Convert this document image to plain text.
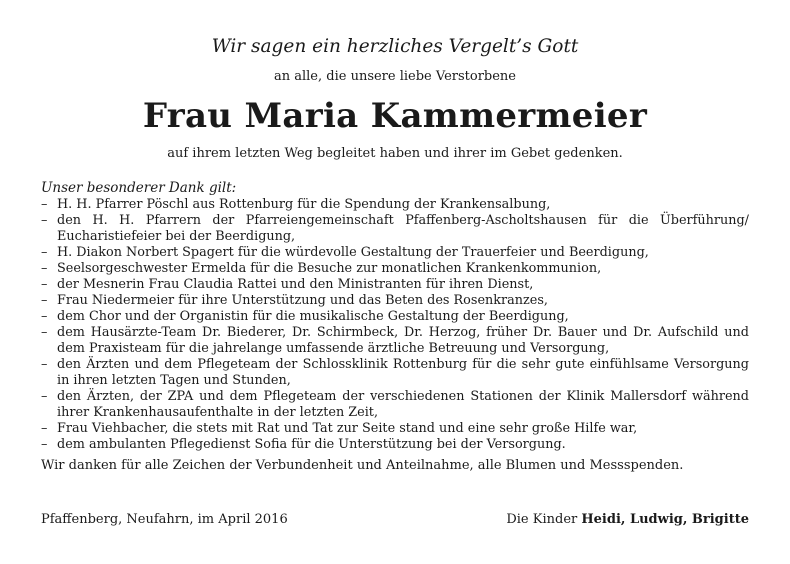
Wir sagen ein herzliches Vergelt’s Gott

an alle, die unsere liebe Verstorbene

Frau Maria Kammermeier

auf ihrem letzten Weg begleitet haben und ihrer im Gebet gedenken.

Unser besonderer Dank gilt:

– H. H. Pfarrer Pöschl aus Rottenburg für die Spendung der Krankensalbung,
– den H. H. Pfarrern der Pfarreiengemeinschaft Pfaffenberg-Ascholtshausen für die Überführung/ Eucharistiefeier bei der Beerdigung,
– H. Diakon Norbert Spagert für die würdevolle Gestaltung der Trauerfeier und Beerdigung,
– Seelsorgeschwester Ermelda für die Besuche zur monatlichen Krankenkommunion,
– der Mesnerin Frau Claudia Rattei und den Ministranten für ihren Dienst,
– Frau Niedermeier für ihre Unterstützung und das Beten des Rosenkranzes,
– dem Chor und der Organistin für die musikalische Gestaltung der Beerdigung,
– dem Hausärzte-Team Dr. Biederer, Dr. Schirmbeck, Dr. Herzog, früher Dr. Bauer und Dr. Aufschild und dem Praxisteam für die jahrelange umfassende ärztliche Betreuung und Versorgung,
– den Ärzten und dem Pflegeteam der Schlossklinik Rottenburg für die sehr gute einfühlsame Versorgung in ihren letzten Tagen und Stunden,
– den Ärzten, der ZPA und dem Pflegeteam der verschiedenen Stationen der Klinik Mallersdorf während ihrer Krankenhausaufenthalte in der letzten Zeit,
– Frau Viehbacher, die stets mit Rat und Tat zur Seite stand und eine sehr große Hilfe war,
– dem ambulanten Pflegedienst Sofia für die Unterstützung bei der Versorgung.

Wir danken für alle Zeichen der Verbundenheit und Anteilnahme, alle Blumen und Messspenden.

Pfaffenberg, Neufahrn, im April 2016	Die Kinder Heidi, Ludwig, Brigitte
